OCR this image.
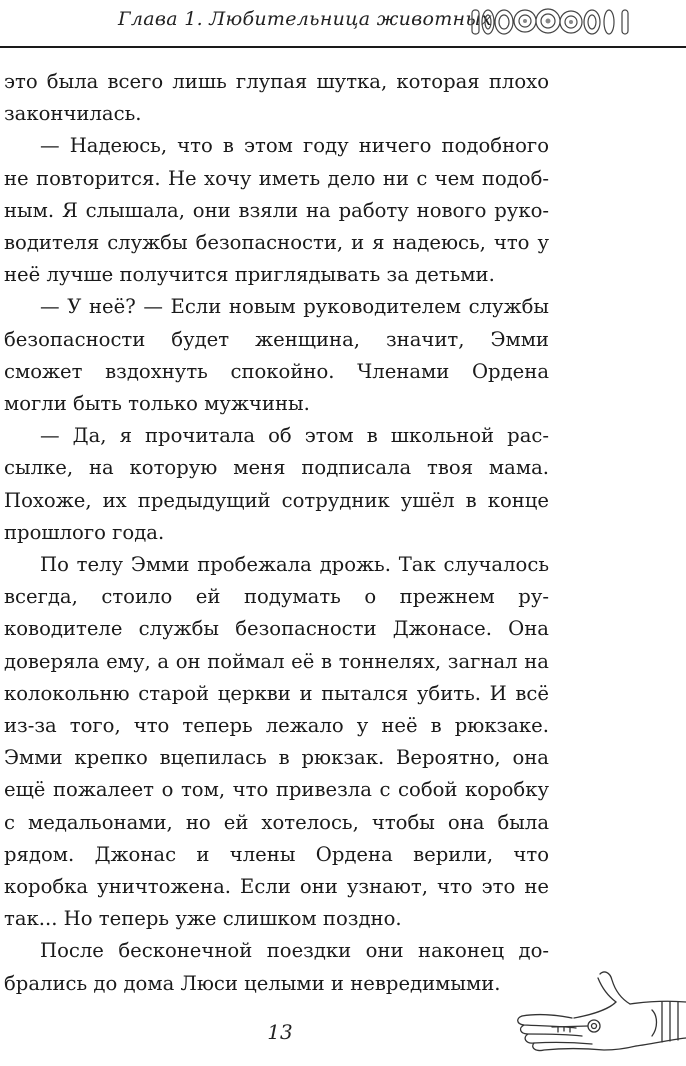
Глава 1. Любительница животных

это была всего лишь глупая шутка, которая плохо закончилась.

— Надеюсь, что в этом году ничего подобного не повторится. Не хочу иметь дело ни с чем подобным. Я слышала, они взяли на работу нового руководителя службы безопасности, и я надеюсь, что у неё лучше получится приглядывать за детьми.

— У неё? — Если новым руководителем службы безопасности будет женщина, значит, Эмми сможет вздохнуть спокойно. Членами Ордена могли быть только мужчины.

— Да, я прочитала об этом в школьной рассылке, на которую меня подписала твоя мама. Похоже, их предыдущий сотрудник ушёл в конце прошлого года.

По телу Эмми пробежала дрожь. Так случалось всегда, стоило ей подумать о прежнем руководителе службы безопасности Джонасе. Она доверяла ему, а он поймал её в тоннелях, загнал на колокольню старой церкви и пытался убить. И всё из-за того, что теперь лежало у неё в рюкзаке. Эмми крепко вцепилась в рюкзак. Вероятно, она ещё пожалеет о том, что привезла с собой коробку с медальонами, но ей хотелось, чтобы она была рядом. Джонас и члены Ордена верили, что коробка уничтожена. Если они узнают, что это не так... Но теперь уже слишком поздно.

После бесконечной поездки они наконец добрались до дома Люси целыми и невредимыми.

13
